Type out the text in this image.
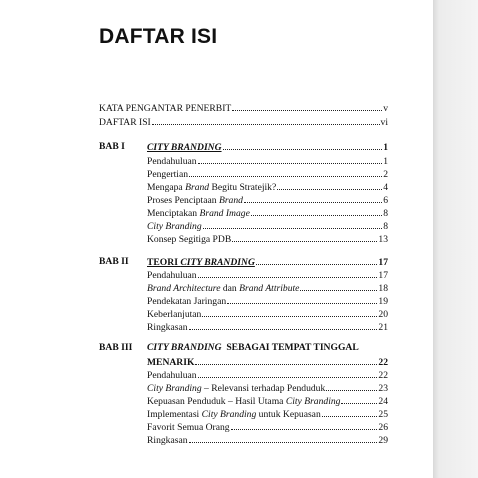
DAFTAR ISI
KATA PENGANTAR PENERBIT	v
DAFTAR ISI	vi
BAB I CITY BRANDING	1
Pendahuluan	1
Pengertian	2
Mengapa Brand Begitu Stratejik?	4
Proses Penciptaan Brand	6
Menciptakan Brand Image	8
City Branding	8
Konsep Segitiga PDB	13
BAB II TEORI CITY BRANDING	17
Pendahuluan	17
Brand Architecture dan Brand Attribute	18
Pendekatan Jaringan	19
Keberlanjutan	20
Ringkasan	21
BAB III CITY BRANDING  SEBAGAI TEMPAT TINGGAL
MENARIK	22
Pendahuluan	22
City Branding – Relevansi terhadap Penduduk	23
Kepuasan Penduduk – Hasil Utama City Branding	24
Implementasi City Branding untuk Kepuasan	25
Favorit Semua Orang	26
Ringkasan	29
